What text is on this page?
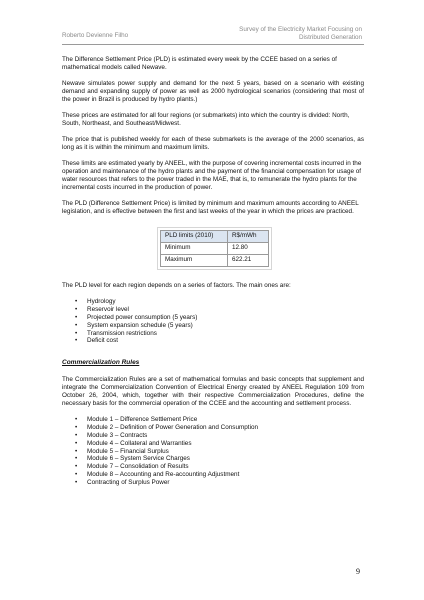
Roberto Devienne Filho
Survey of the Electricity Market Focusing on
Distributed Generation

The Difference Settlement Price (PLD) is estimated every week by the CCEE based on a series of mathematical models called Newave.

Newave simulates power supply and demand for the next 5 years, based on a scenario with existing demand and expanding supply of power as well as 2000 hydrological scenarios (considering that most of the power in Brazil is produced by hydro plants.)

These prices are estimated for all four regions (or submarkets) into which the country is divided: North, South, Northeast, and Southeast/Midwest.

The price that is published weekly for each of these submarkets is the average of the 2000 scenarios, as long as it is within the minimum and maximum limits.

These limits are estimated yearly by ANEEL, with the purpose of covering incremental costs incurred in the operation and maintenance of the hydro plants and the payment of the financial compensation for usage of water resources that refers to the power traded in the MAE, that is, to remunerate the hydro plants for the incremental costs incurred in the production of power.

The PLD (Difference Settlement Price) is limited by minimum and maximum amounts according to ANEEL legislation, and is effective between the first and last weeks of the year in which the prices are practiced.

PLD limits (2010)	R$/mWh
Minimum	12.80
Maximum	622.21

The PLD level for each region depends on a series of factors. The main ones are:

• Hydrology
• Reservoir level
• Projected power consumption (5 years)
• System expansion schedule (5 years)
• Transmission restrictions
• Deficit cost
Commercialization Rules

The Commercialization Rules are a set of mathematical formulas and basic concepts that supplement and integrate the Commercialization Convention of Electrical Energy created by ANEEL Regulation 109 from October 26, 2004, which, together with their respective Commercialization Procedures, define the necessary basis for the commercial operation of the CCEE and the accounting and settlement process.

• Module 1 – Difference Settlement Price
• Module 2 – Definition of Power Generation and Consumption
• Module 3 – Contracts
• Module 4 – Collateral and Warranties
• Module 5 – Financial Surplus
• Module 6 – System Service Charges
• Module 7 – Consolidation of Results
• Module 8 – Accounting and Re-accounting Adjustment
• Contracting of Surplus Power
9
